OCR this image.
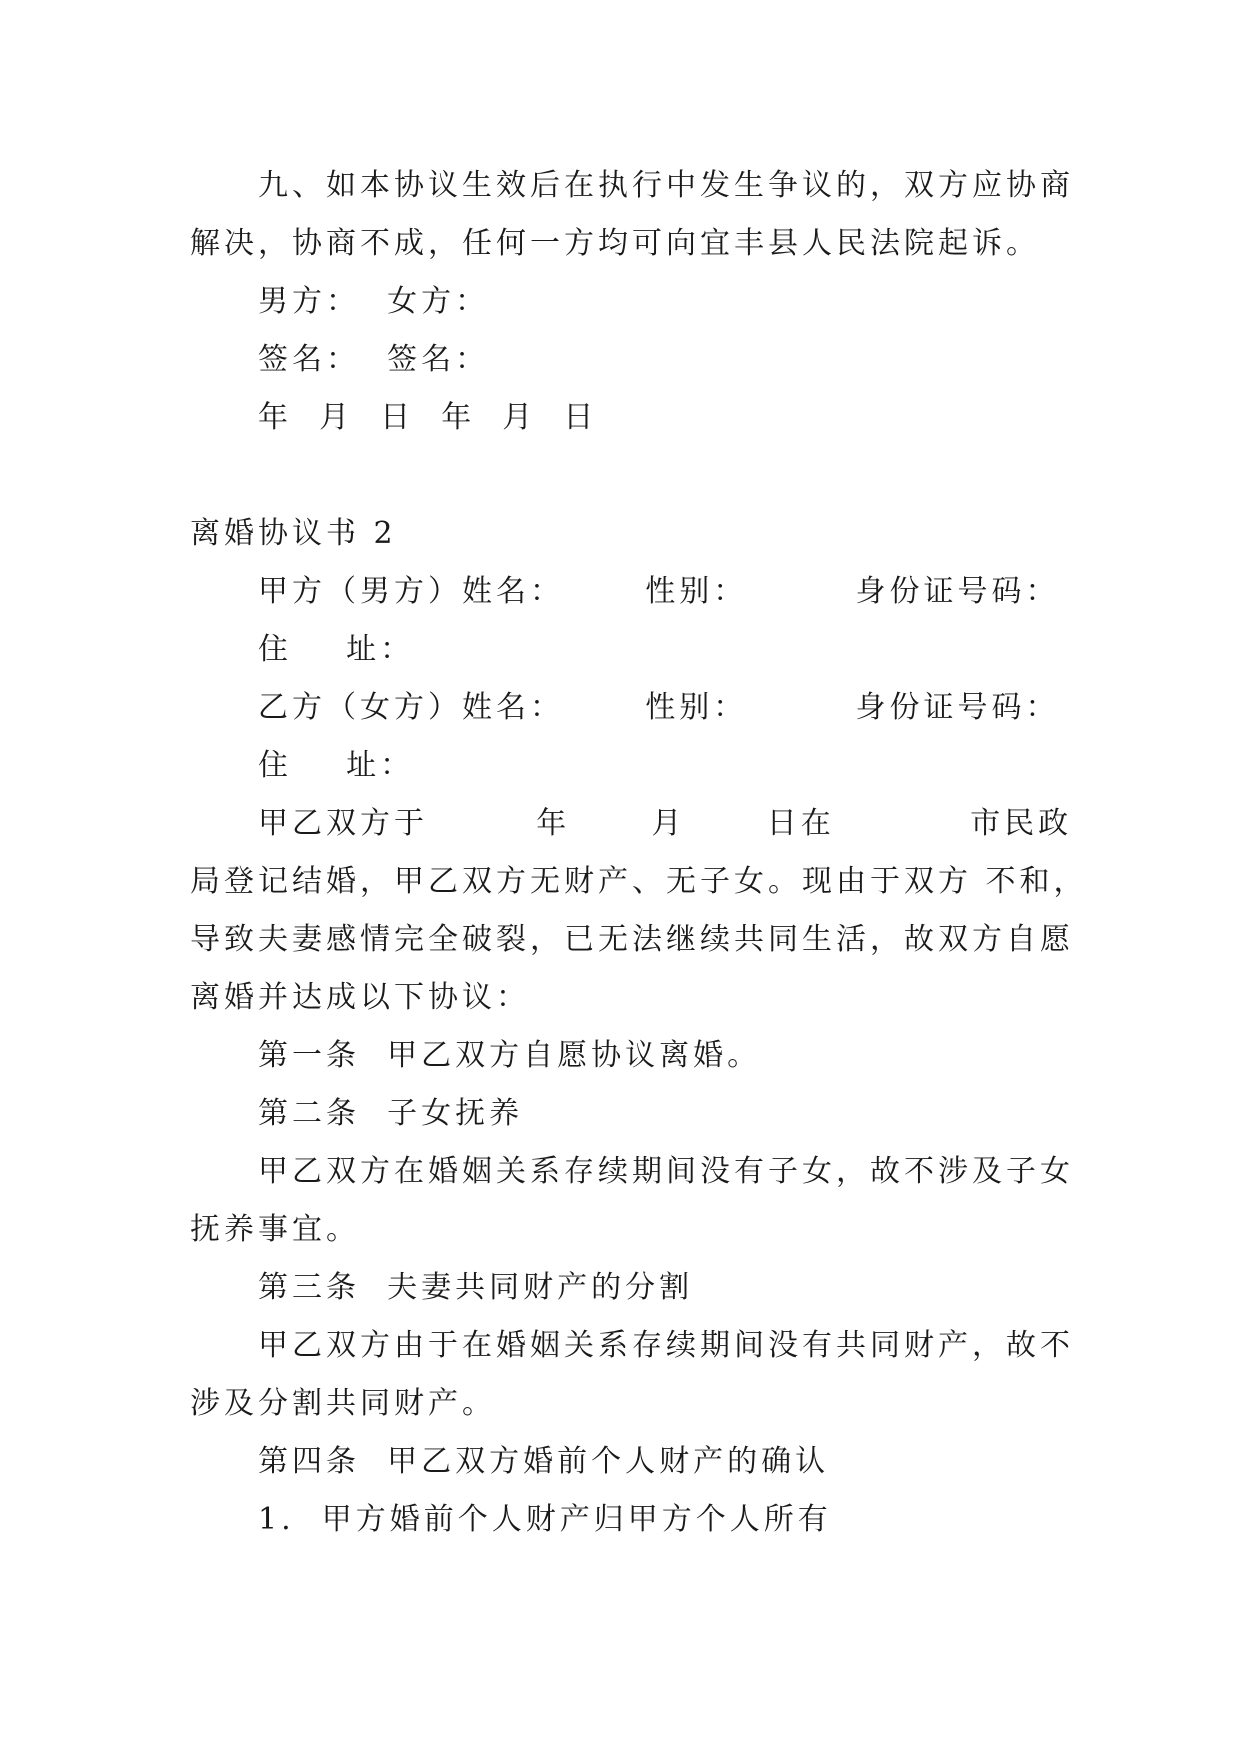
九、如本协议生效后在执行中发生争议的，双方应协商
解决，协商不成，任何一方均可向宜丰县人民法院起诉。
男方：  女方：
签名：  签名：
年  月  日  年  月  日
离婚协议书 2
甲方（男方）姓名：      性别：        身份证号码：
住    址：
乙方（女方）姓名：      性别：        身份证号码：
住    址：
甲乙双方于        年      月      日在          市民政
局登记结婚，甲乙双方无财产、无子女。现由于双方 不和，
导致夫妻感情完全破裂，已无法继续共同生活，故双方自愿
离婚并达成以下协议：
第一条  甲乙双方自愿协议离婚。
第二条  子女抚养
甲乙双方在婚姻关系存续期间没有子女，故不涉及子女
抚养事宜。
第三条  夫妻共同财产的分割
甲乙双方由于在婚姻关系存续期间没有共同财产，故不
涉及分割共同财产。
第四条  甲乙双方婚前个人财产的确认
1.  甲方婚前个人财产归甲方个人所有
